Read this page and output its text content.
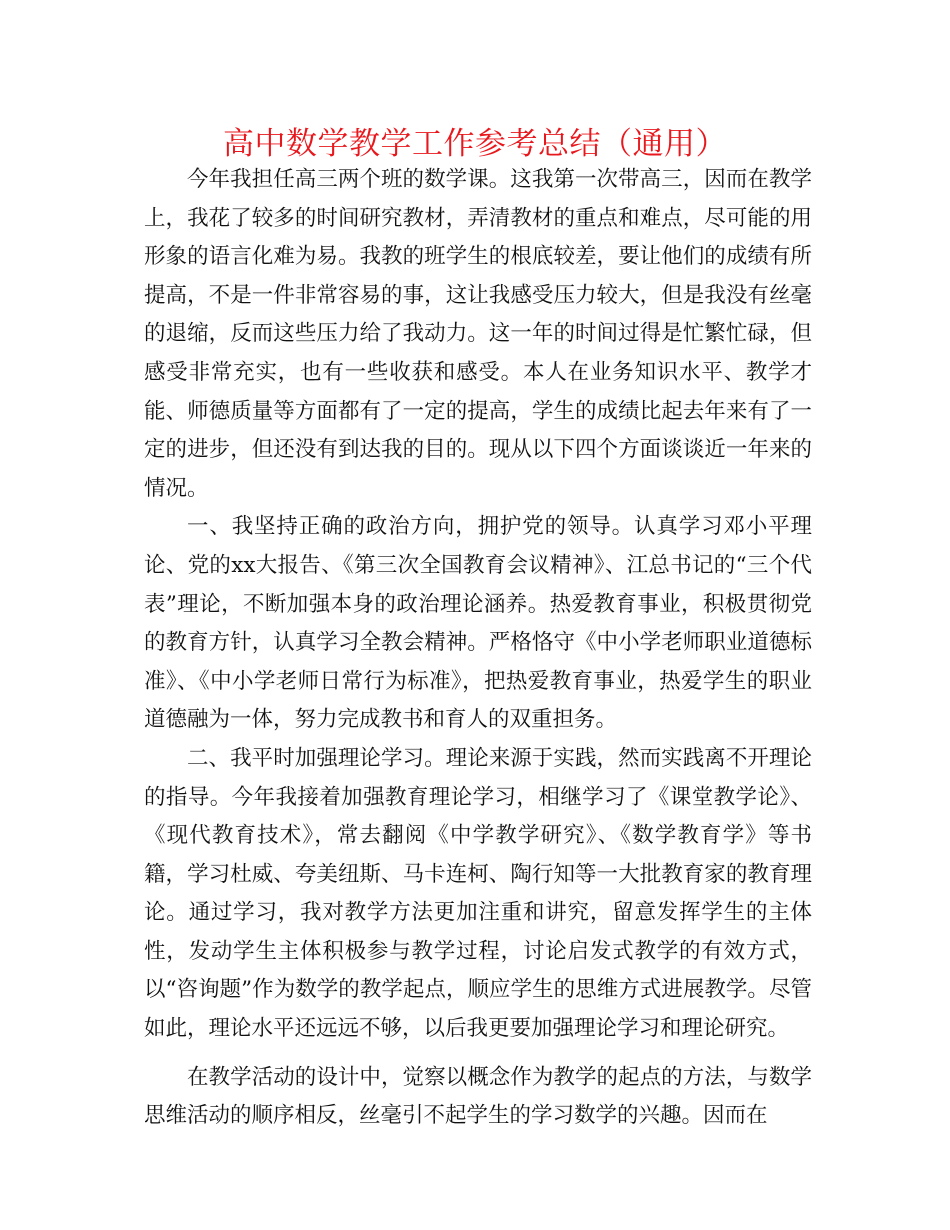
高中数学教学工作参考总结（通用）

今年我担任高三两个班的数学课。这我第一次带高三，因而在教学上，我花了较多的时间研究教材，弄清教材的重点和难点，尽可能的用形象的语言化难为易。我教的班学生的根底较差，要让他们的成绩有所提高，不是一件非常容易的事，这让我感受压力较大，但是我没有丝毫的退缩，反而这些压力给了我动力。这一年的时间过得是忙繁忙碌，但感受非常充实，也有一些收获和感受。本人在业务知识水平、教学才能、师德质量等方面都有了一定的提高，学生的成绩比起去年来有了一定的进步，但还没有到达我的目的。现从以下四个方面谈谈近一年来的情况。

一、我坚持正确的政治方向，拥护党的领导。认真学习邓小平理论、党的xx大报告、《第三次全国教育会议精神》、江总书记的“三个代表”理论，不断加强本身的政治理论涵养。热爱教育事业，积极贯彻党的教育方针，认真学习全教会精神。严格恪守《中小学老师职业道德标准》、《中小学老师日常行为标准》，把热爱教育事业，热爱学生的职业道德融为一体，努力完成教书和育人的双重担务。

二、我平时加强理论学习。理论来源于实践，然而实践离不开理论的指导。今年我接着加强教育理论学习，相继学习了《课堂教学论》、《现代教育技术》，常去翻阅《中学教学研究》、《数学教育学》等书籍，学习杜威、夸美纽斯、马卡连柯、陶行知等一大批教育家的教育理论。通过学习，我对教学方法更加注重和讲究，留意发挥学生的主体性，发动学生主体积极参与教学过程，讨论启发式教学的有效方式，以“咨询题”作为数学的教学起点，顺应学生的思维方式进展教学。尽管如此，理论水平还远远不够，以后我更要加强理论学习和理论研究。

在教学活动的设计中，觉察以概念作为教学的起点的方法，与数学思维活动的顺序相反，丝毫引不起学生的学习数学的兴趣。因而在
